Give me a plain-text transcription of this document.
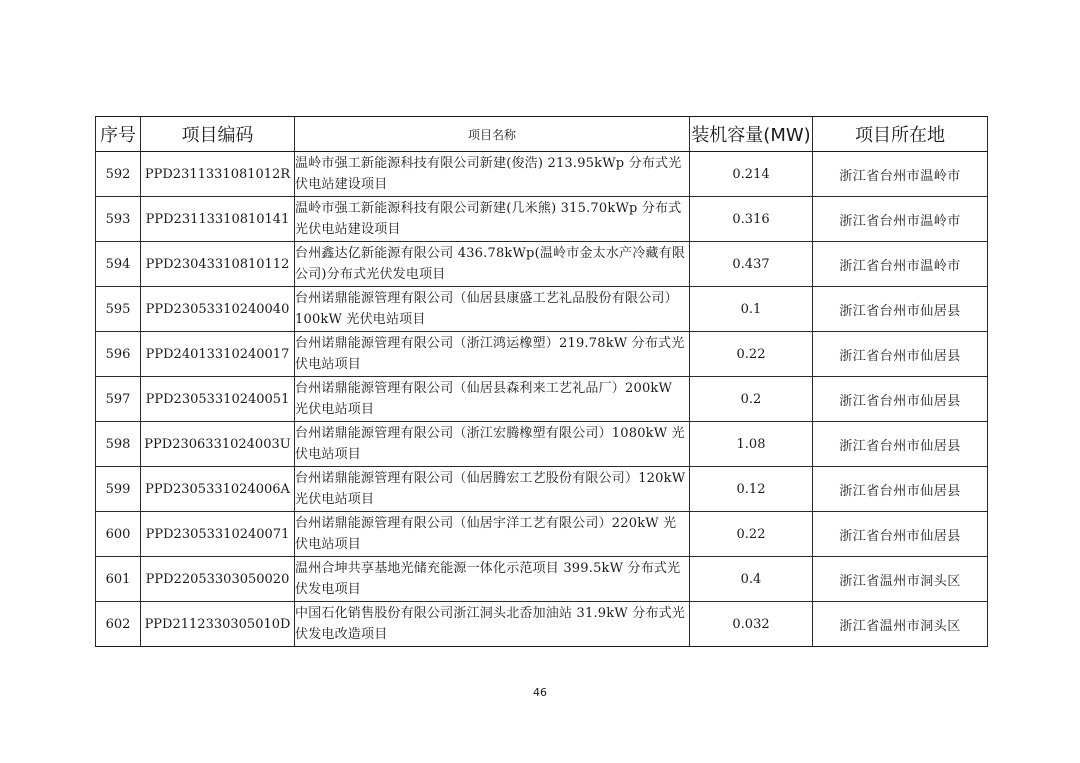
序号	项目编码	项目名称	装机容量(MW)	项目所在地
592	PPD2311331081012R	温岭市强工新能源科技有限公司新建(俊浩) 213.95kWp 分布式光伏电站建设项目	0.214	浙江省台州市温岭市
593	PPD23113310810141	温岭市强工新能源科技有限公司新建(几米熊) 315.70kWp 分布式光伏电站建设项目	0.316	浙江省台州市温岭市
594	PPD23043310810112	台州鑫达亿新能源有限公司 436.78kWp(温岭市金太水产冷藏有限公司)分布式光伏发电项目	0.437	浙江省台州市温岭市
595	PPD23053310240040	台州诺鼎能源管理有限公司（仙居县康盛工艺礼品股份有限公司）100kW 光伏电站项目	0.1	浙江省台州市仙居县
596	PPD24013310240017	台州诺鼎能源管理有限公司（浙江鸿运橡塑）219.78kW 分布式光伏电站项目	0.22	浙江省台州市仙居县
597	PPD23053310240051	台州诺鼎能源管理有限公司（仙居县森利来工艺礼品厂）200kW 光伏电站项目	0.2	浙江省台州市仙居县
598	PPD2306331024003U	台州诺鼎能源管理有限公司（浙江宏腾橡塑有限公司）1080kW 光伏电站项目	1.08	浙江省台州市仙居县
599	PPD2305331024006A	台州诺鼎能源管理有限公司（仙居腾宏工艺股份有限公司）120kW 光伏电站项目	0.12	浙江省台州市仙居县
600	PPD23053310240071	台州诺鼎能源管理有限公司（仙居宇洋工艺有限公司）220kW 光伏电站项目	0.22	浙江省台州市仙居县
601	PPD22053303050020	温州合坤共享基地光储充能源一体化示范项目 399.5kW 分布式光伏发电项目	0.4	浙江省温州市洞头区
602	PPD2112330305010D	中国石化销售股份有限公司浙江洞头北岙加油站 31.9kW 分布式光伏发电改造项目	0.032	浙江省温州市洞头区
46
